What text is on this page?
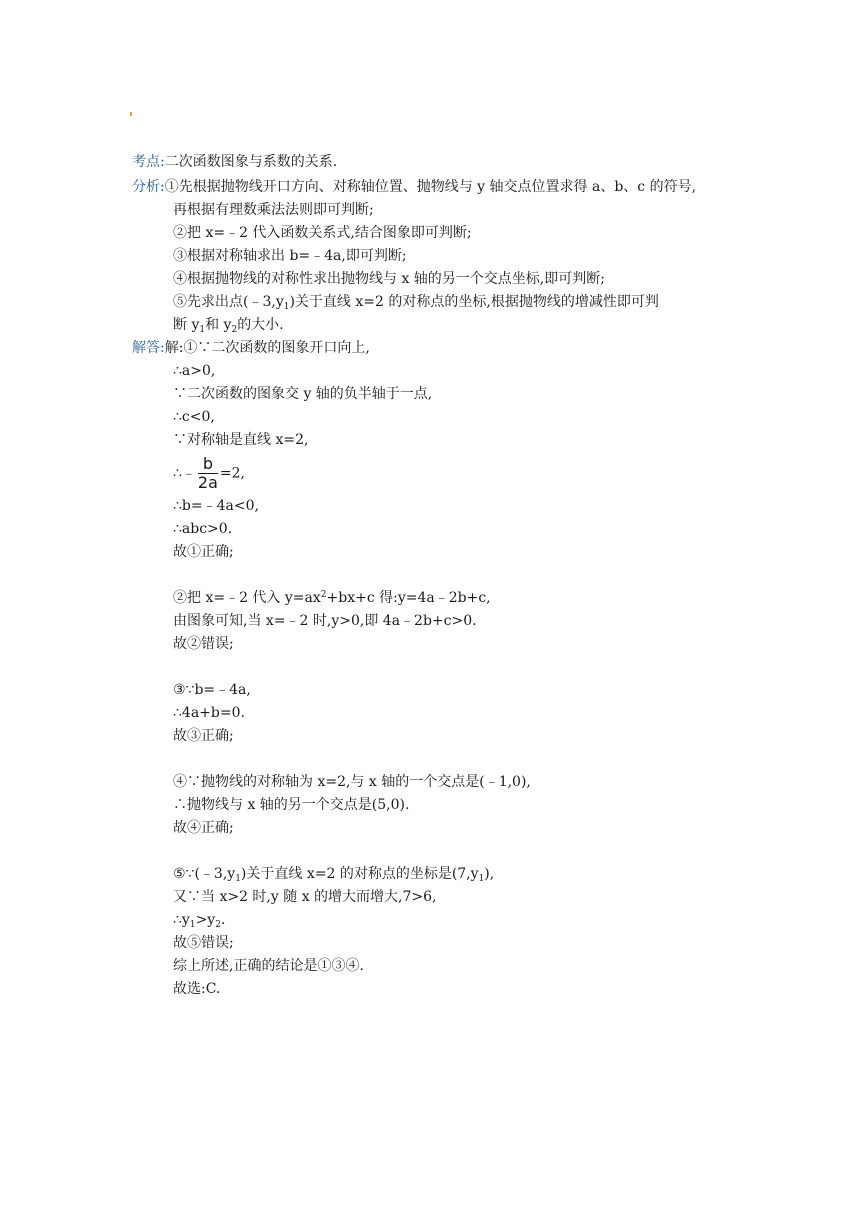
考点:二次函数图象与系数的关系.
分析:①先根据抛物线开口方向、对称轴位置、抛物线与 y 轴交点位置求得 a、b、c 的符号,
再根据有理数乘法法则即可判断;
②把 x=﹣2 代入函数关系式,结合图象即可判断;
③根据对称轴求出 b=﹣4a,即可判断;
④根据抛物线的对称性求出抛物线与 x 轴的另一个交点坐标,即可判断;
⑤先求出点$(﹣3,y_1)$关于直线 x=2 的对称点的坐标,根据抛物线的增减性即可判
断 $y_1$和 $y_2$的大小.
解答:解:①∵二次函数的图象开口向上,
∴a>0,
∵二次函数的图象交 y 轴的负半轴于一点,
∴c<0,
∵对称轴是直线 x=2,
∴﹣ $\frac{b}{2a} =2$,
∴b=﹣4a<0,
∴abc>0.
故①正确;
②把 x=﹣2 代入 $y=ax^2+bx+c$ 得:y=4a﹣2b+c,
由图象可知,当 x=﹣2 时,y>0,即 4a﹣2b+c>0.
故②错误;
③∵b=﹣4a,
∴4a+b=0.
故③正确;
④∵抛物线的对称轴为 x=2,与 x 轴的一个交点是(﹣1,0),
∴抛物线与 x 轴的另一个交点是(5,0).
故④正确;
$⑤\because(﹣3,y_1)$关于直线 x=2 的对称点的坐标是$(7,y_1)$,
又∵当 x>2 时,y 随 x 的增大而增大,7>6,
$\therefore y_1>y_2$.
故⑤错误;
综上所述,正确的结论是①③④.
故选:C.
